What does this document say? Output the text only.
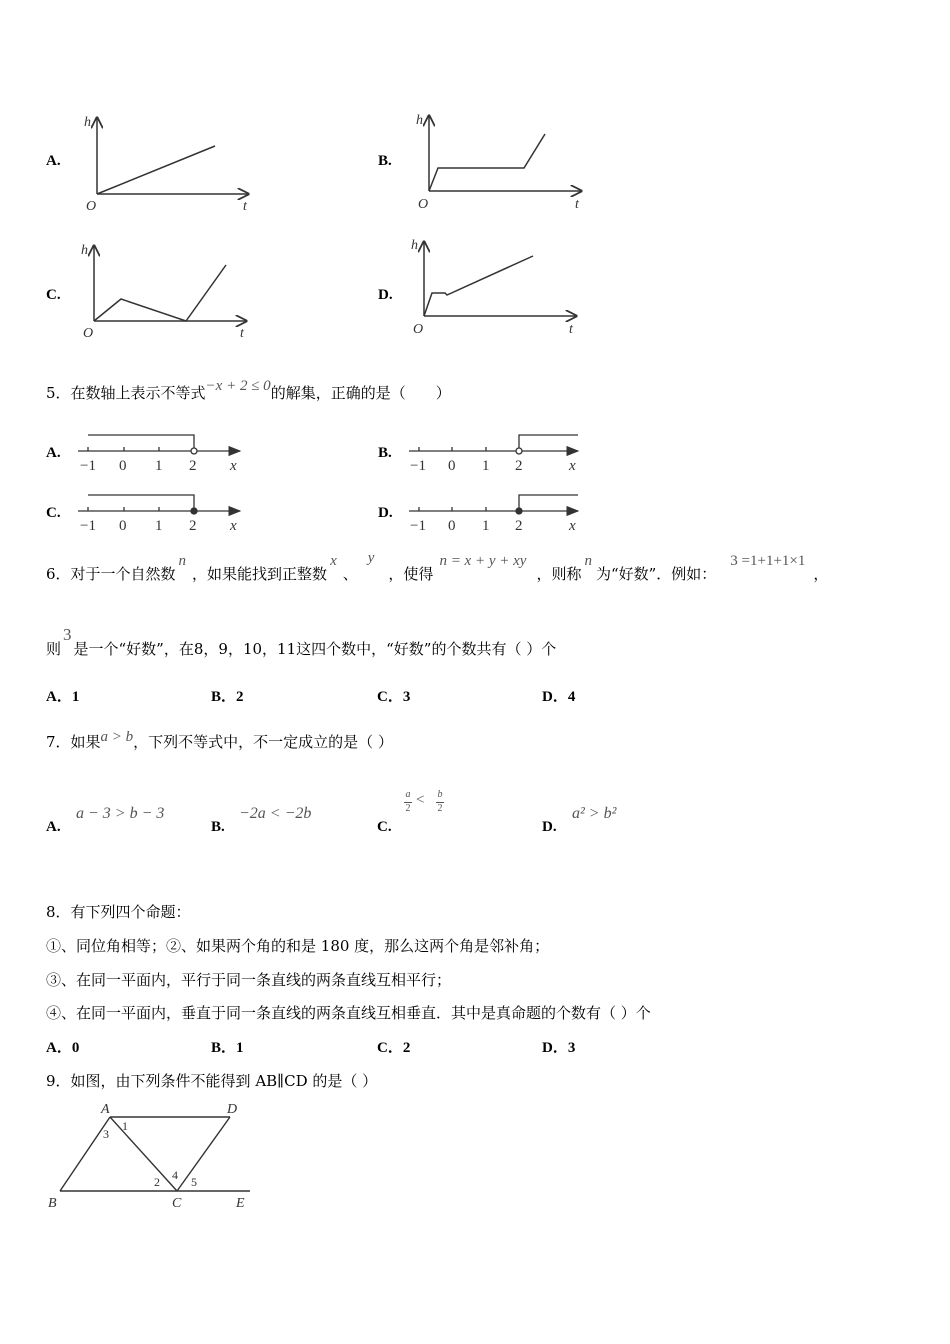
A.	B.
C.	D.
h
t
O
h
t
O
h
t
O
h
t
O
5．在数轴上表示不等式−x + 2 ≤ 0的解集，正确的是（　　）
A.	B.
C.	D.
−1 0 1 2 x	−1 0 1 2	x
−1 0 1 2 x	−1 0 1 2	x
6．对于一个自然数n，如果能找到正整数x、y，使得n = x + y + xy，则称n为“好数”．例如：3 =1+1+1×1，
则3是一个“好数”，在8，9，10，11这四个数中，“好数”的个数共有（ ）个
A．1	B．2	C．3	D．4
7．如果a > b，下列不等式中，不一定成立的是（ ）
A.
a − 3 > b − 3
B.
−2a < −2b
C.
a
2
< b
2
D.
a² > b²
8．有下列四个命题：
①、同位角相等；②、如果两个角的和是 180 度，那么这两个角是邻补角；
③、在同一平面内，平行于同一条直线的两条直线互相平行；
④、在同一平面内，垂直于同一条直线的两条直线互相垂直．其中是真命题的个数有（ ）个
A．0	B．1	C．2	D．3
9．如图，由下列条件不能得到 AB∥CD 的是（ ）
A	D
B	C	E
1
3
2 4 5
